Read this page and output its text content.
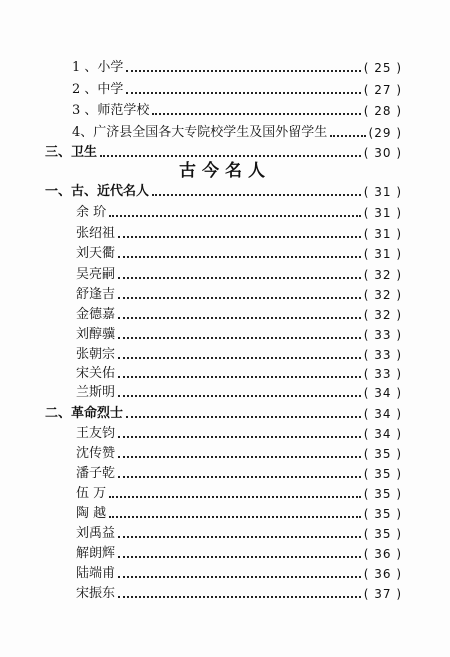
1 、小学	( 25 )
2 、中学	( 27 )
3 、师范学校	( 28 )
4、广济县全国各大专院校学生及国外留学生	(29 )
三、卫生	( 30 )
古今名人
一、古、近代名人	( 31 )
余 玠	( 31 )
张绍祖	( 31 )
刘天衢	( 31 )
吴亮嗣	( 32 )
舒逢吉	( 32 )
金德嘉	( 32 )
刘醇骥	( 33 )
张朝宗	( 33 )
宋关佑	( 33 )
兰斯明	( 34 )
二、革命烈士	( 34 )
王友钧	( 34 )
沈传赞	( 35 )
潘子乾	( 35 )
伍 万	( 35 )
陶 越	( 35 )
刘禹益	( 35 )
解朗辉	( 36 )
陆端甫	( 36 )
宋振东	( 37 )
